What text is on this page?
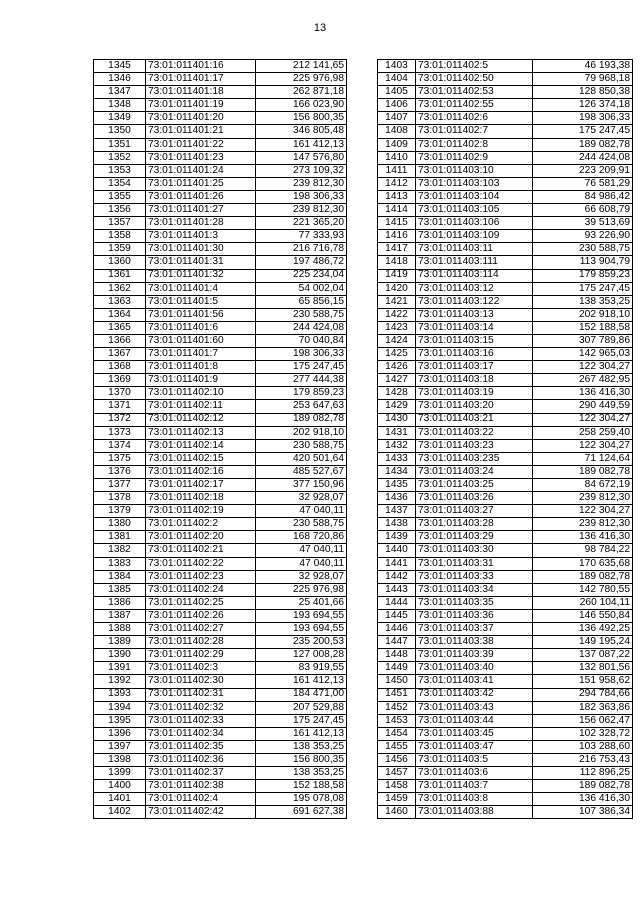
13
1345	73:01:011401:16	212 141,65
1346	73:01:011401:17	225 976,98
1347	73:01:011401:18	262 871,18
1348	73:01:011401:19	166 023,90
1349	73:01:011401:20	156 800,35
1350	73:01:011401:21	346 805,48
1351	73:01:011401:22	161 412,13
1352	73:01:011401:23	147 576,80
1353	73:01:011401:24	273 109,32
1354	73:01:011401:25	239 812,30
1355	73:01:011401:26	198 306,33
1356	73:01:011401:27	239 812,30
1357	73:01:011401:28	221 365,20
1358	73:01:011401:3	77 333,93
1359	73:01:011401:30	216 716,78
1360	73:01:011401:31	197 486,72
1361	73:01:011401:32	225 234,04
1362	73:01:011401:4	54 002,04
1363	73:01:011401:5	65 856,15
1364	73:01:011401:56	230 588,75
1365	73:01:011401:6	244 424,08
1366	73:01:011401:60	70 040,84
1367	73:01:011401:7	198 306,33
1368	73:01:011401:8	175 247,45
1369	73:01:011401:9	277 444,38
1370	73:01:011402:10	179 859,23
1371	73:01:011402:11	253 647,63
1372	73:01:011402:12	189 082,78
1373	73:01:011402:13	202 918,10
1374	73:01:011402:14	230 588,75
1375	73:01:011402:15	420 501,64
1376	73:01:011402:16	485 527,67
1377	73:01:011402:17	377 150,96
1378	73:01:011402:18	32 928,07
1379	73:01:011402:19	47 040,11
1380	73:01:011402:2	230 588,75
1381	73:01:011402:20	168 720,86
1382	73:01:011402:21	47 040,11
1383	73:01:011402:22	47 040,11
1384	73:01:011402:23	32 928,07
1385	73:01:011402:24	225 976,98
1386	73:01:011402:25	25 401,66
1387	73:01:011402:26	193 694,55
1388	73:01:011402:27	193 694,55
1389	73:01:011402:28	235 200,53
1390	73:01:011402:29	127 008,28
1391	73:01:011402:3	83 919,55
1392	73:01:011402:30	161 412,13
1393	73:01:011402:31	184 471,00
1394	73:01:011402:32	207 529,88
1395	73:01:011402:33	175 247,45
1396	73:01:011402:34	161 412,13
1397	73:01:011402:35	138 353,25
1398	73:01:011402:36	156 800,35
1399	73:01:011402:37	138 353,25
1400	73:01:011402:38	152 188,58
1401	73:01:011402:4	195 078,08
1402	73:01:011402:42	691 627,38
1403	73:01:011402:5	46 193,38
1404	73:01:011402:50	79 968,18
1405	73:01:011402:53	128 850,38
1406	73:01:011402:55	126 374,18
1407	73:01:011402:6	198 306,33
1408	73:01:011402:7	175 247,45
1409	73:01:011402:8	189 082,78
1410	73:01:011402:9	244 424,08
1411	73:01:011403:10	223 209,91
1412	73:01:011403:103	76 581,29
1413	73:01:011403:104	84 986,42
1414	73:01:011403:105	66 608,79
1415	73:01:011403:106	39 513,69
1416	73:01:011403:109	93 226,90
1417	73:01:011403:11	230 588,75
1418	73:01:011403:111	113 904,79
1419	73:01:011403:114	179 859,23
1420	73:01:011403:12	175 247,45
1421	73:01:011403:122	138 353,25
1422	73:01:011403:13	202 918,10
1423	73:01:011403:14	152 188,58
1424	73:01:011403:15	307 789,86
1425	73:01:011403:16	142 965,03
1426	73:01:011403:17	122 304,27
1427	73:01:011403:18	267 482,95
1428	73:01:011403:19	136 416,30
1429	73:01:011403:20	290 449,59
1430	73:01:011403:21	122 304,27
1431	73:01:011403:22	258 259,40
1432	73:01:011403:23	122 304,27
1433	73:01:011403:235	71 124,64
1434	73:01:011403:24	189 082,78
1435	73:01:011403:25	84 672,19
1436	73:01:011403:26	239 812,30
1437	73:01:011403:27	122 304,27
1438	73:01:011403:28	239 812,30
1439	73:01:011403:29	136 416,30
1440	73:01:011403:30	98 784,22
1441	73:01:011403:31	170 635,68
1442	73:01:011403:33	189 082,78
1443	73:01:011403:34	142 780,55
1444	73:01:011403:35	260 104,11
1445	73:01:011403:36	146 550,84
1446	73:01:011403:37	136 492,25
1447	73:01:011403:38	149 195,24
1448	73:01:011403:39	137 087,22
1449	73:01:011403:40	132 801,56
1450	73:01:011403:41	151 958,62
1451	73:01:011403:42	294 784,66
1452	73:01:011403:43	182 363,86
1453	73:01:011403:44	156 062,47
1454	73:01:011403:45	102 328,72
1455	73:01:011403:47	103 288,60
1456	73:01:011403:5	216 753,43
1457	73:01:011403:6	112 896,25
1458	73:01:011403:7	189 082,78
1459	73:01:011403:8	136 416,30
1460	73:01:011403:88	107 386,34
